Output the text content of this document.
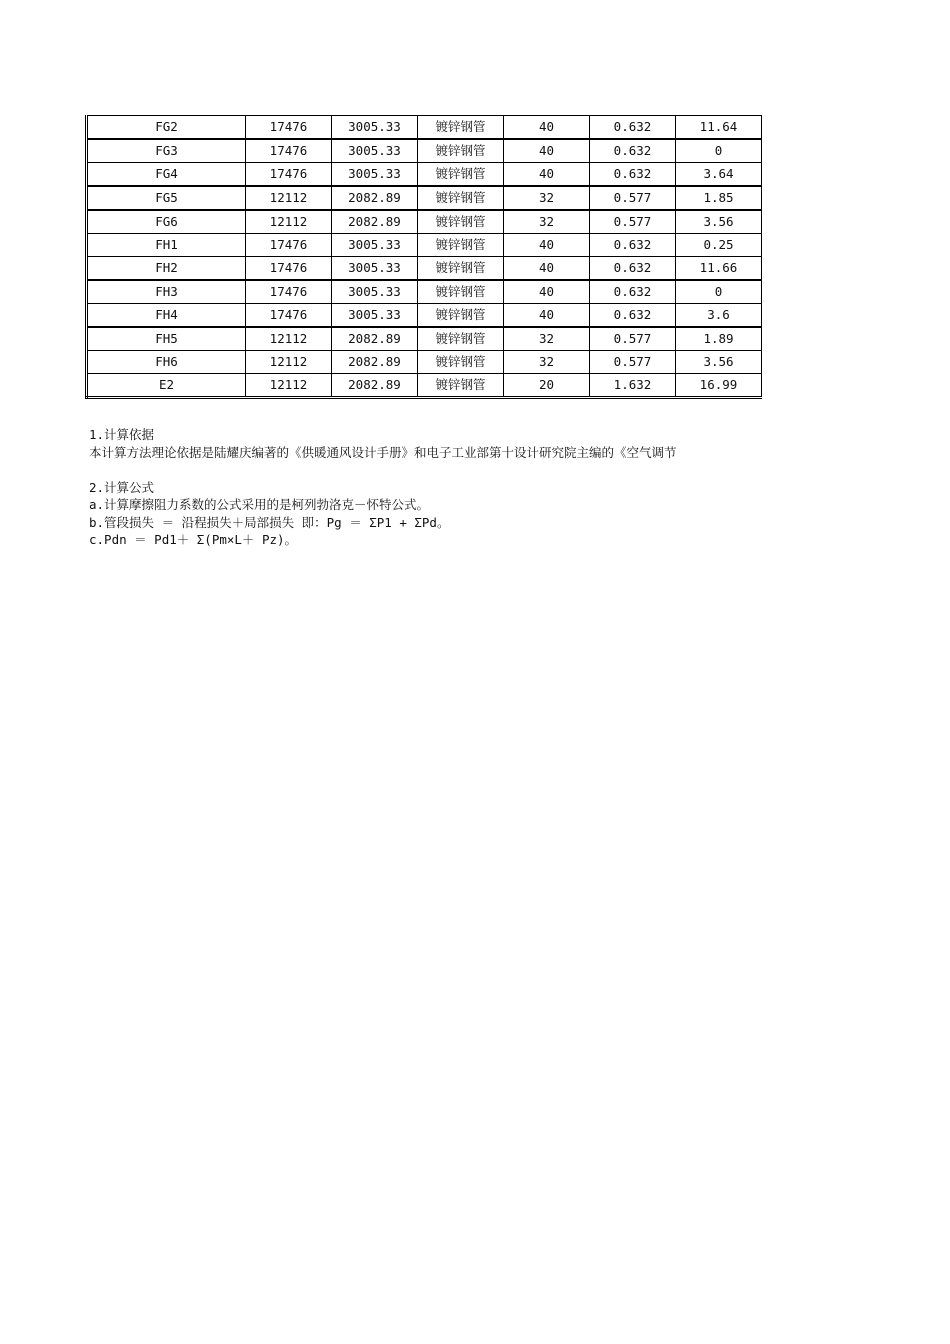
FG2	17476	3005.33	镀锌钢管	40	0.632	11.64
FG3	17476	3005.33	镀锌钢管	40	0.632	0
FG4	17476	3005.33	镀锌钢管	40	0.632	3.64
FG5	12112	2082.89	镀锌钢管	32	0.577	1.85
FG6	12112	2082.89	镀锌钢管	32	0.577	3.56
FH1	17476	3005.33	镀锌钢管	40	0.632	0.25
FH2	17476	3005.33	镀锌钢管	40	0.632	11.66
FH3	17476	3005.33	镀锌钢管	40	0.632	0
FH4	17476	3005.33	镀锌钢管	40	0.632	3.6
FH5	12112	2082.89	镀锌钢管	32	0.577	1.89
FH6	12112	2082.89	镀锌钢管	32	0.577	3.56
E2	12112	2082.89	镀锌钢管	20	1.632	16.99
1.计算依据
本计算方法理论依据是陆耀庆编著的《供暖通风设计手册》和电子工业部第十设计研究院主编的《空气调节
2.计算公式
a.计算摩擦阻力系数的公式采用的是柯列勃洛克－怀特公式。
b.管段损失 ＝ 沿程损失＋局部损失 即：Pg ＝ ΣP1 + ΣPd。
c.Pdn ＝ Pd1＋ Σ(Pm×L＋ Pz)。
